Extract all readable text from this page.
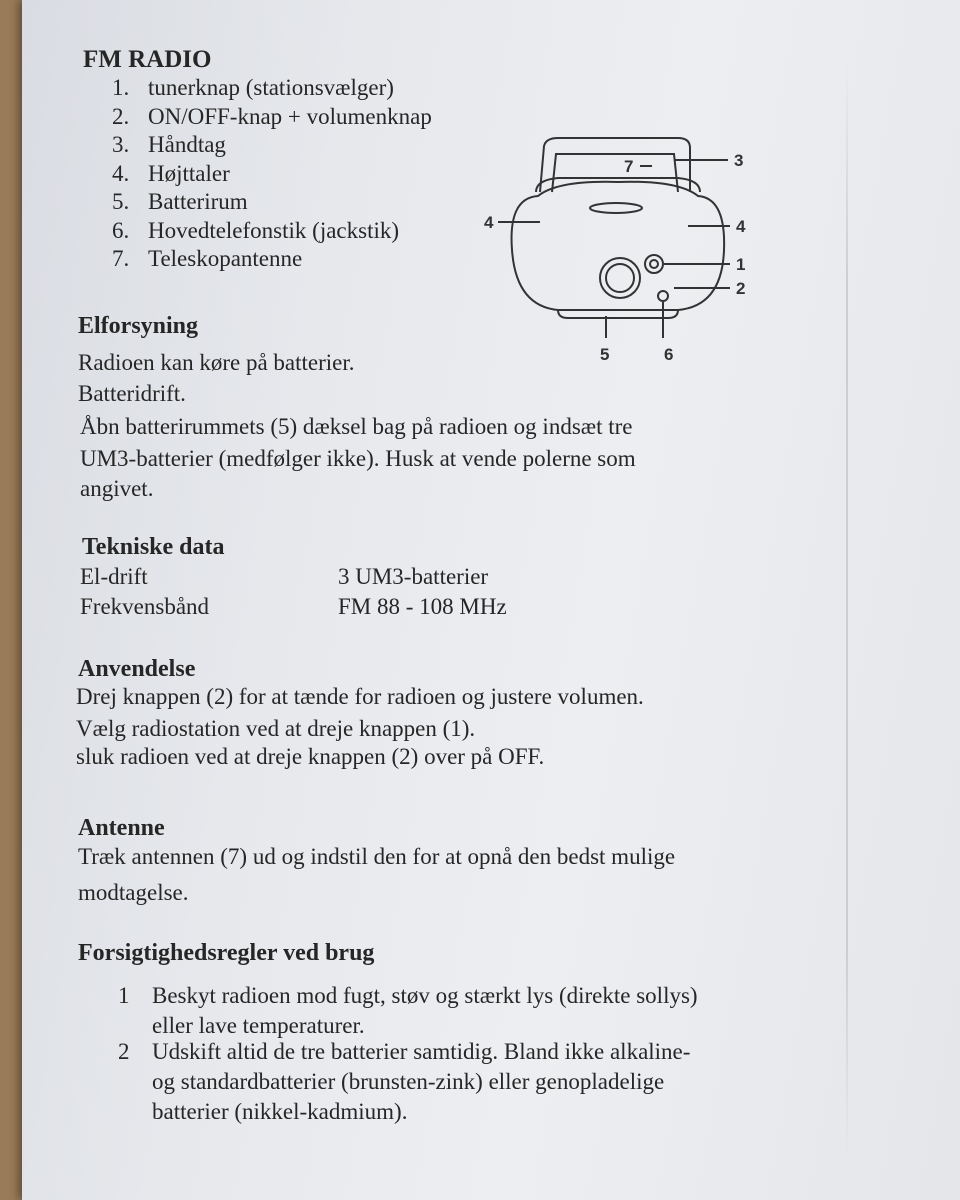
FM RADIO
1. tunerknap (stationsvælger)
2. ON/OFF-knap + volumenknap
3. Håndtag
4. Højttaler
5. Batterirum
6. Hovedtelefonstik (jackstik)
7. Teleskopantenne
4	4
3
1
2
5	6
7
Elforsyning

Radioen kan køre på batterier.

Batteridrift.

Åbn batterirummets (5) dæksel bag på radioen og indsæt tre

UM3-batterier (medfølger ikke). Husk at vende polerne som

angivet.

Tekniske data
El-drift	3 UM3-batterier
Frekvensbånd	FM 88 - 108 MHz
Anvendelse

Drej knappen (2) for at tænde for radioen og justere volumen.

Vælg radiostation ved at dreje knappen (1).

sluk radioen ved at dreje knappen (2) over på OFF.

Antenne

Træk antennen (7) ud og indstil den for at opnå den bedst mulige

modtagelse.

Forsigtighedsregler ved brug
1 Beskyt radioen mod fugt, støv og stærkt lys (direkte sollys)
eller lave temperaturer.
2 Udskift altid de tre batterier samtidig. Bland ikke alkaline-
og standardbatterier (brunsten-zink) eller genopladelige
batterier (nikkel-kadmium).
